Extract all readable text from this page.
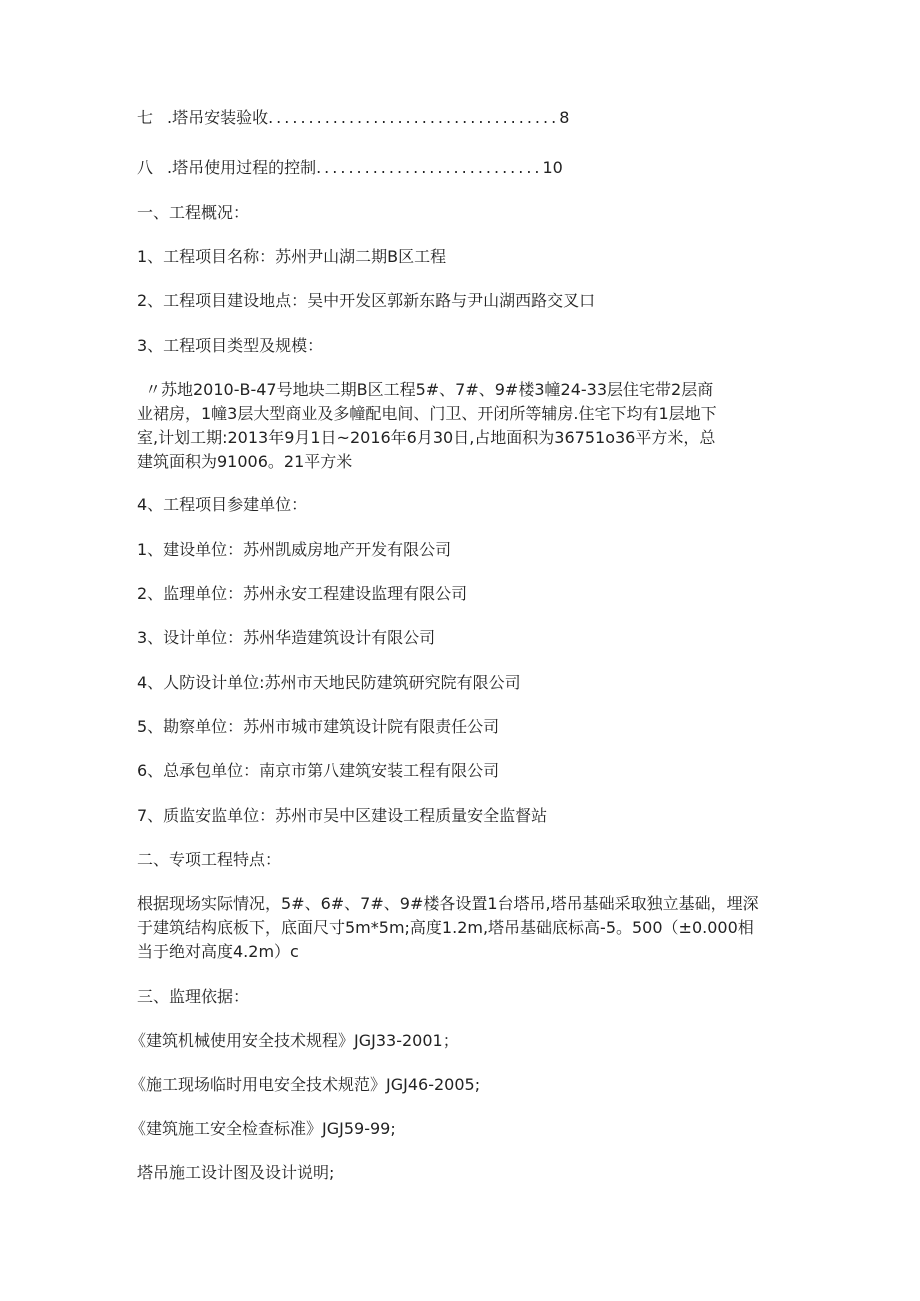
七 .塔吊安装验收....................................8
八 .塔吊使用过程的控制............................10
一、工程概况：
1、工程项目名称：苏州尹山湖二期B区工程
2、工程项目建设地点：吴中开发区郭新东路与尹山湖西路交叉口
3、工程项目类型及规模：
〃苏地2010-B-47号地块二期B区工程5#、7#、9#楼3幢24-33层住宅带2层商
业裙房，1幢3层大型商业及多幢配电间、门卫、开闭所等辅房.住宅下均有1层地下
室,计划工期:2013年9月1日~2016年6月30日,占地面积为36751o36平方米，总
建筑面积为91006。21平方米
4、工程项目参建单位：
1、建设单位：苏州凯威房地产开发有限公司
2、监理单位：苏州永安工程建设监理有限公司
3、设计单位：苏州华造建筑设计有限公司
4、人防设计单位:苏州市天地民防建筑研究院有限公司
5、勘察单位：苏州市城市建筑设计院有限责任公司
6、总承包单位：南京市第八建筑安装工程有限公司
7、质监安监单位：苏州市吴中区建设工程质量安全监督站
二、专项工程特点：
根据现场实际情况，5#、6#、7#、9#楼各设置1台塔吊,塔吊基础采取独立基础，埋深
于建筑结构底板下，底面尺寸5m*5m;高度1.2m,塔吊基础底标高-5。500（±0.000相
当于绝对高度4.2m）c
三、监理依据：
《建筑机械使用安全技术规程》JGJ33-2001；
《施工现场临时用电安全技术规范》JGJ46-2005;
《建筑施工安全检查标准》JGJ59-99;
塔吊施工设计图及设计说明;
